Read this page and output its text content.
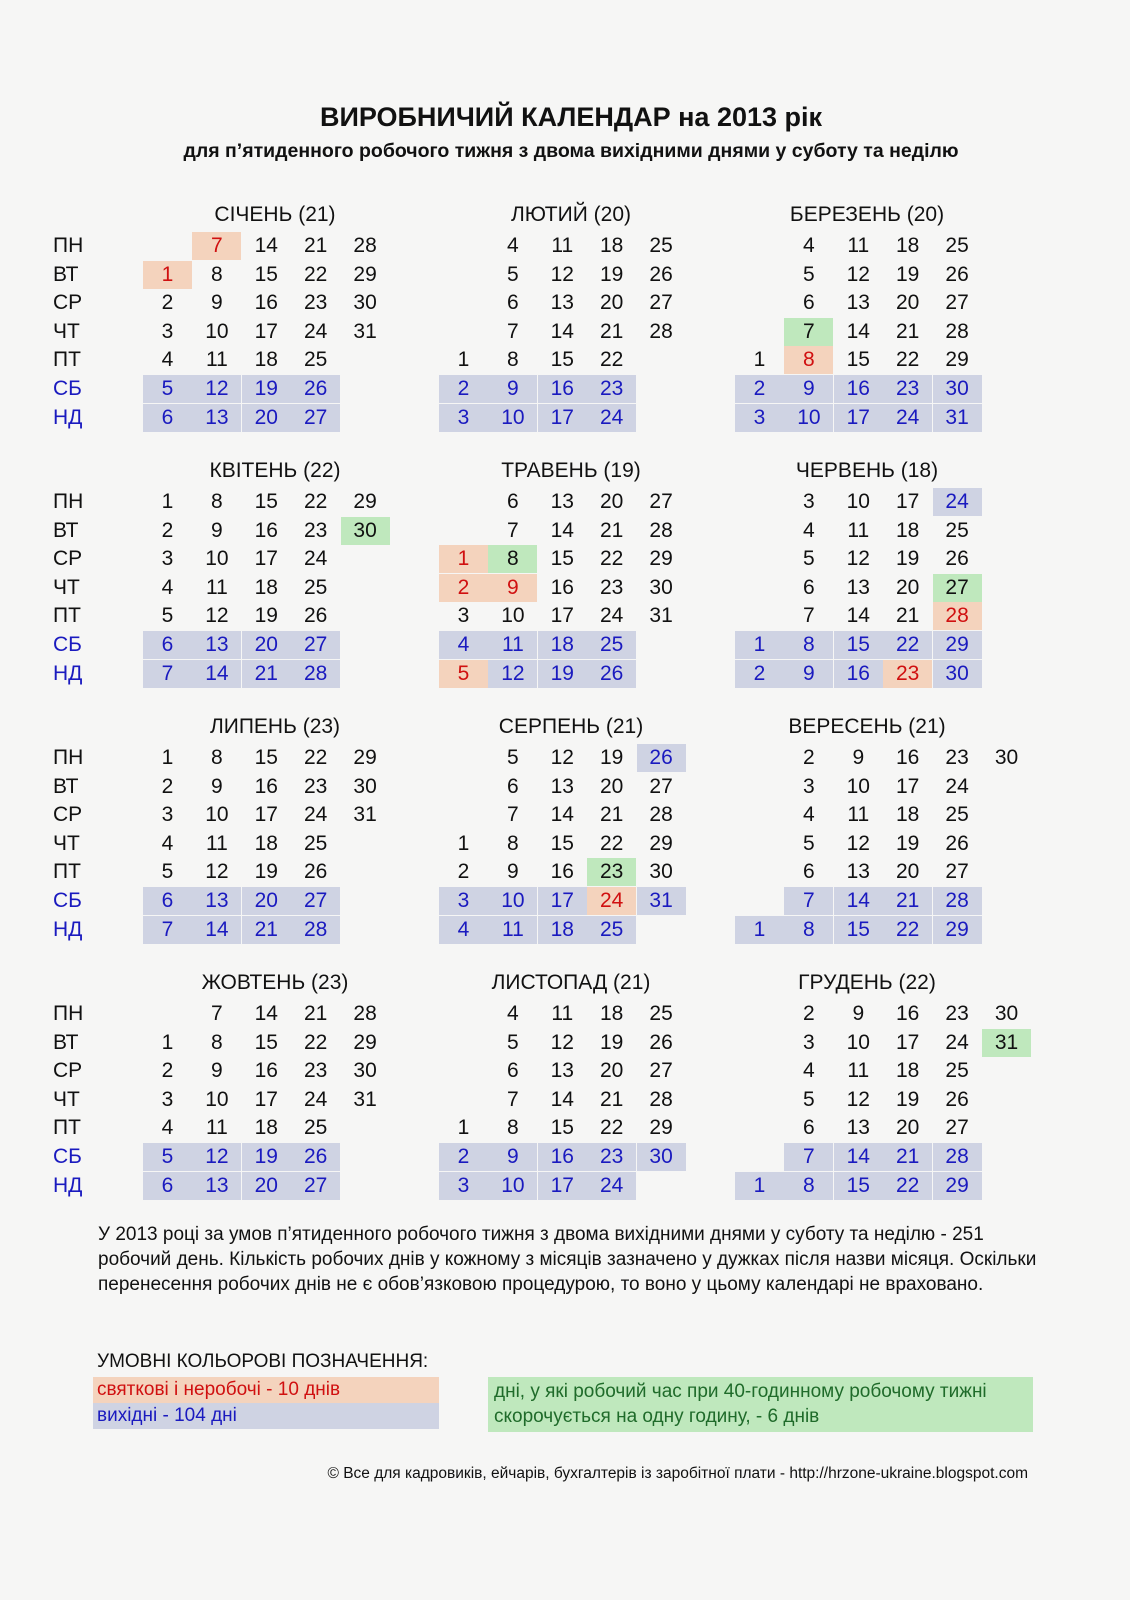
ВИРОБНИЧИЙ КАЛЕНДАР на 2013 рік
для п’ятиденного робочого тижня з двома вихідними днями у суботу та неділю
ПН
ВТ
СР
ЧТ
ПТ
СБ
НД
ПН
ВТ
СР
ЧТ
ПТ
СБ
НД
ПН
ВТ
СР
ЧТ
ПТ
СБ
НД
ПН
ВТ
СР
ЧТ
ПТ
СБ
НД
СІЧЕНЬ (21)
1
2
3
4
5
6
7
8
9
10
11
12
13
14
15
16
17
18
19
20
21
22
23
24
25
26
27
28
29
30
31
ЛЮТИЙ (20)
1
2
3
4
5
6
7
8
9
10
11
12
13
14
15
16
17
18
19
20
21
22
23
24
25
26
27
28
БЕРЕЗЕНЬ (20)
1
2
3
4
5
6
7
8
9
10
11
12
13
14
15
16
17
18
19
20
21
22
23
24
25
26
27
28
29
30
31
КВІТЕНЬ (22)
1
2
3
4
5
6
7
8
9
10
11
12
13
14
15
16
17
18
19
20
21
22
23
24
25
26
27
28
29
30
ТРАВЕНЬ (19)
1
2
3
4
5
6
7
8
9
10
11
12
13
14
15
16
17
18
19
20
21
22
23
24
25
26
27
28
29
30
31
ЧЕРВЕНЬ (18)
1
2
3
4
5
6
7
8
9
10
11
12
13
14
15
16
17
18
19
20
21
22
23
24
25
26
27
28
29
30
ЛИПЕНЬ (23)
1
2
3
4
5
6
7
8
9
10
11
12
13
14
15
16
17
18
19
20
21
22
23
24
25
26
27
28
29
30
31
СЕРПЕНЬ (21)
1
2
3
4
5
6
7
8
9
10
11
12
13
14
15
16
17
18
19
20
21
22
23
24
25
26
27
28
29
30
31
ВЕРЕСЕНЬ (21)
1
2
3
4
5
6
7
8
9
10
11
12
13
14
15
16
17
18
19
20
21
22
23
24
25
26
27
28
29
30
ЖОВТЕНЬ (23)
1
2
3
4
5
6
7
8
9
10
11
12
13
14
15
16
17
18
19
20
21
22
23
24
25
26
27
28
29
30
31
ЛИСТОПАД (21)
1
2
3
4
5
6
7
8
9
10
11
12
13
14
15
16
17
18
19
20
21
22
23
24
25
26
27
28
29
30
ГРУДЕНЬ (22)
1
2
3
4
5
6
7
8
9
10
11
12
13
14
15
16
17
18
19
20
21
22
23
24
25
26
27
28
29
30
31

У 2013 році за умов п’ятиденного робочого тижня з двома вихідними днями у суботу та неділю - 251 робочий день. Кількість робочих днів у кожному з місяців зазначено у дужках після назви місяця. Оскільки перенесення робочих днів не є обов’язковою процедурою, то воно у цьому календарі не враховано.

УМОВНІ КОЛЬОРОВІ ПОЗНАЧЕННЯ:
святкові і неробочі - 10 днів
вихідні - 104 дні
дні, у які робочий час при 40-годинному робочому тижні скорочується на одну годину, - 6 днів
© Все для кадровиків, ейчарів, бухгалтерів із заробітної плати - http://hrzone-ukraine.blogspot.com
